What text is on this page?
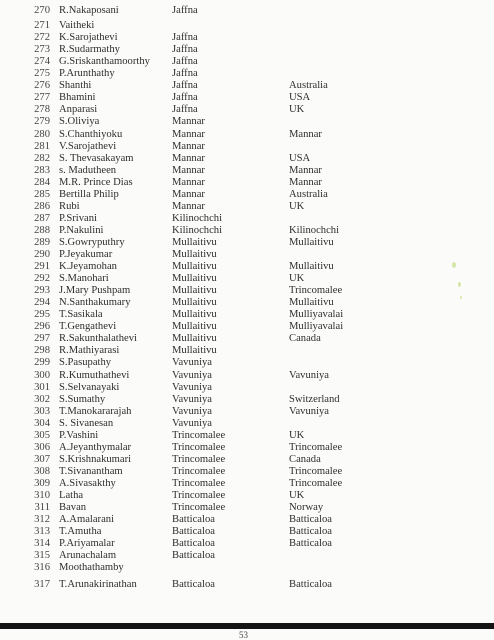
270 R.Nakaposani	Jaffna
271 Vaitheki
272 K.Sarojathevi	Jaffna
273 R.Sudarmathy	Jaffna
274 G.Sriskanthamoorthy Jaffna
275 P.Arunthathy	Jaffna
276 Shanthi	Jaffna	Australia
277 Bhamini	Jaffna	USA
278 Anparasi	Jaffna	UK
279 S.Oliviya	Mannar
280 S.Chanthiyoku	Mannar	Mannar
281 V.Sarojathevi	Mannar
282 S. Thevasakayam	Mannar	USA
283 s. Madutheen	Mannar	Mannar
284 M.R. Prince Dias	Mannar	Mannar
285 Bertilla Philip	Mannar	Australia
286 Rubi	Mannar	UK
287 P.Srivani	Kilinochchi
288 P.Nakulini	Kilinochchi	Kilinochchi
289 S.Gowryputhry	Mullaitivu	Mullaitivu
290 P.Jeyakumar	Mullaitivu
291 K.Jeyamohan	Mullaitivu	Mullaitivu
292 S.Manohari	Mullaitivu	UK
293 J.Mary Pushpam	Mullaitivu	Trincomalee
294 N.Santhakumary	Mullaitivu	Mullaitivu
295 T.Sasikala	Mullaitivu	Mulliyavalai
296 T.Gengathevi	Mullaitivu	Mulliyavalai
297 R.Sakunthalathevi	Mullaitivu	Canada
298 R.Mathiyarasi	Mullaitivu
299 S.Pasupathy	Vavuniya
300 R.Kumuthathevi	Vavuniya	Vavuniya
301 S.Selvanayaki	Vavuniya
302 S.Sumathy	Vavuniya	Switzerland
303 T.Manokararajah	Vavuniya	Vavuniya
304 S. Sivanesan	Vavuniya
305 P.Vashini	Trincomalee	UK
306 A.Jeyanthymalar	Trincomalee	Trincomalee
307 S.Krishnakumari	Trincomalee	Canada
308 T.Sivanantham	Trincomalee	Trincomalee
309 A.Sivasakthy	Trincomalee	Trincomalee
310 Latha	Trincomalee	UK
311 Bavan	Trincomalee	Norway
312 A.Amalarani	Batticaloa	Batticaloa
313 T.Amutha	Batticaloa	Batticaloa
314 P.Ariyamalar	Batticaloa	Batticaloa
315 Arunachalam	Batticaloa
316 Moothathamby
317 T.Arunakirinathan	Batticaloa	Batticaloa
53
